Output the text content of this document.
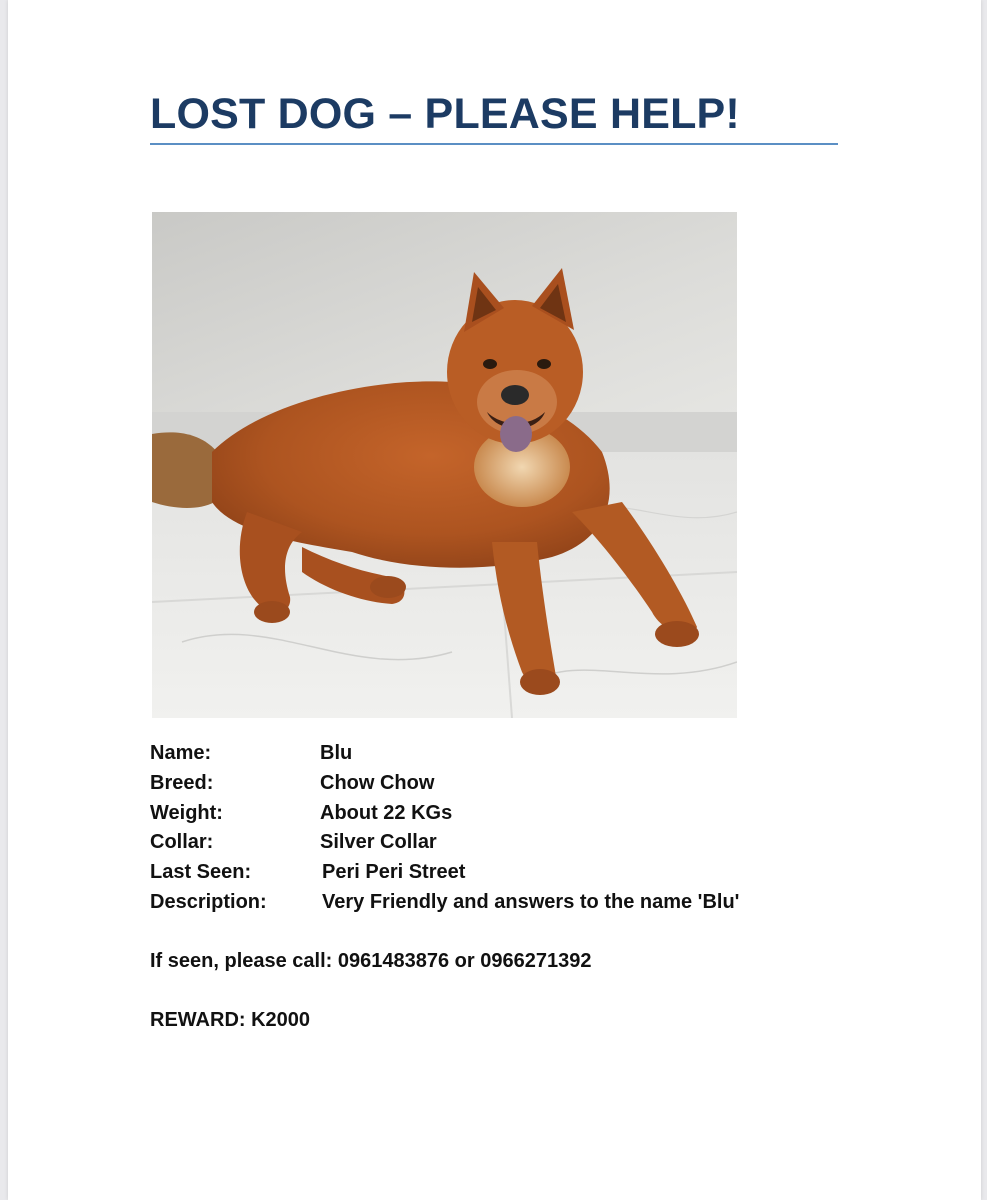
LOST DOG – PLEASE HELP!
Name:	Blu
Breed:	Chow Chow
Weight:	About 22 KGs
Collar:	Silver Collar
Last Seen:	Peri Peri Street
Description:	Very Friendly and answers to the name 'Blu'
If seen, please call: 0961483876 or 0966271392
REWARD: K2000
